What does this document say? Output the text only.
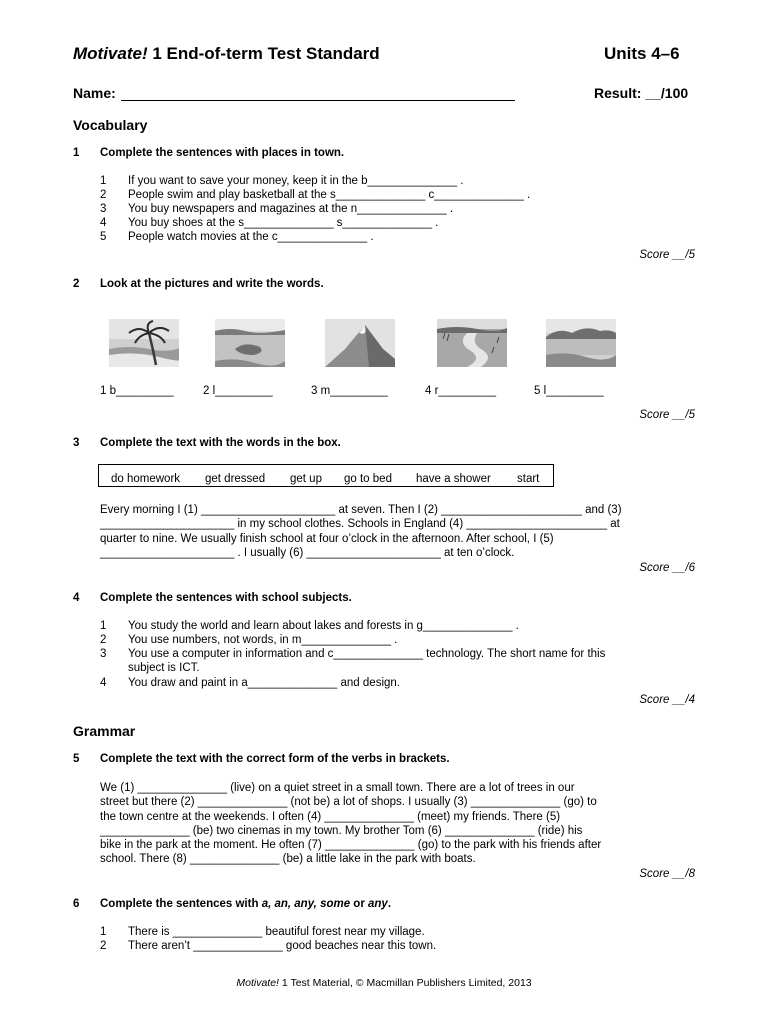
Motivate! 1 End-of-term Test Standard	Units 4–6
Name:	Result: __/100
Vocabulary
1 Complete the sentences with places in town.
1 If you want to save your money, keep it in the b______________ .
2 People swim and play basketball at the s______________ c______________ .
3 You buy newspapers and magazines at the n______________ .
4 You buy shoes at the s______________ s______________ .
5 People watch movies at the c______________ .
Score __/5
2 Look at the pictures and write the words.
1 b_________	2 l_________	3 m_________	4 r_________	5 l_________
Score __/5
3 Complete the text with the words in the box.
do homework get dressed get up go to bed have a shower start
Every morning I (1) _____________________ at seven. Then I (2) ______________________ and (3)
_____________________ in my school clothes. Schools in England (4) ______________________ at
quarter to nine. We usually finish school at four o’clock in the afternoon. After school, I (5)
_____________________ . I usually (6) _____________________ at ten o’clock.
Score __/6
4 Complete the sentences with school subjects.
1 You study the world and learn about lakes and forests in g______________ .
2 You use numbers, not words, in m______________ .
3 You use a computer in information and c______________ technology. The short name for this
subject is ICT.
4 You draw and paint in a______________ and design.
Score __/4
Grammar
5 Complete the text with the correct form of the verbs in brackets.
We (1) ______________ (live) on a quiet street in a small town. There are a lot of trees in our
street but there (2) ______________ (not be) a lot of shops. I usually (3) ______________ (go) to
the town centre at the weekends. I often (4) ______________ (meet) my friends. There (5)
______________ (be) two cinemas in my town. My brother Tom (6) ______________ (ride) his
bike in the park at the moment. He often (7) ______________ (go) to the park with his friends after
school. There (8) ______________ (be) a little lake in the park with boats.
Score __/8
6 Complete the sentences with a, an, any, some or any.
1 There is ______________ beautiful forest near my village.
2 There aren’t ______________ good beaches near this town.
Motivate! 1 Test Material, © Macmillan Publishers Limited, 2013
